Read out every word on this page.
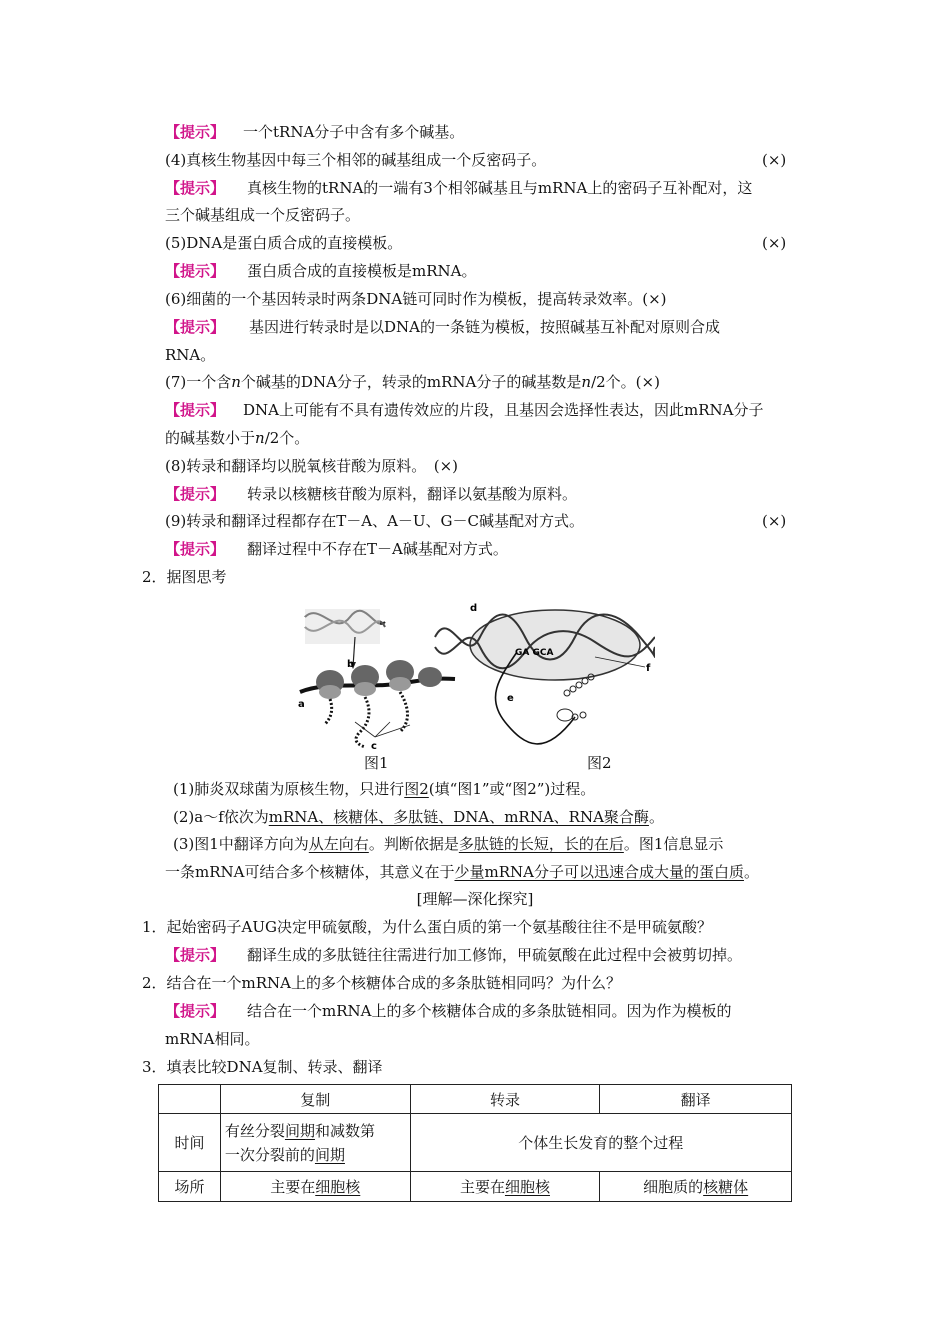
【提示】 一个tRNA分子中含有多个碱基。
(4)真核生物基因中每三个相邻的碱基组成一个反密码子。	(×)
【提示】 真核生物的tRNA的一端有3个相邻碱基且与mRNA上的密码子互补配对，这
三个碱基组成一个反密码子。
(5)DNA是蛋白质合成的直接模板。	(×)
【提示】 蛋白质合成的直接模板是mRNA。
(6)细菌的一个基因转录时两条DNA链可同时作为模板，提高转录效率。(×)
【提示】 基因进行转录时是以DNA的一条链为模板，按照碱基互补配对原则合成
RNA。
(7)一个含n个碱基的DNA分子，转录的mRNA分子的碱基数是n/2个。(×)
【提示】 DNA上可能有不具有遗传效应的片段，且基因会选择性表达，因此mRNA分子
的碱基数小于n/2个。
(8)转录和翻译均以脱氧核苷酸为原料。　(×)
【提示】 转录以核糖核苷酸为原料，翻译以氨基酸为原料。
(9)转录和翻译过程都存在T－A、A－U、G－C碱基配对方式。	(×)
【提示】 翻译过程中不存在T－A碱基配对方式。
2．据图思考
b
a
c
GA GCA
d
e
f
图1	图2
(1)肺炎双球菌为原核生物，只进行图2(填“图1”或“图2”)过程。
(2)a～f依次为mRNA、核糖体、多肽链、DNA、mRNA、RNA聚合酶。
(3)图1中翻译方向为从左向右。判断依据是多肽链的长短，长的在后。图1信息显示
一条mRNA可结合多个核糖体，其意义在于少量mRNA分子可以迅速合成大量的蛋白质。
[理解—深化探究]
1．起始密码子AUG决定甲硫氨酸，为什么蛋白质的第一个氨基酸往往不是甲硫氨酸？
【提示】 翻译生成的多肽链往往需进行加工修饰，甲硫氨酸在此过程中会被剪切掉。
2．结合在一个mRNA上的多个核糖体合成的多条肽链相同吗？为什么？
【提示】 结合在一个mRNA上的多个核糖体合成的多条肽链相同。因为作为模板的
mRNA相同。
3．填表比较DNA复制、转录、翻译
	复制	转录	翻译
时间	有丝分裂间期和减数第
一次分裂前的间期	个体生长发育的整个过程	
场所	主要在细胞核	主要在细胞核	细胞质的核糖体
